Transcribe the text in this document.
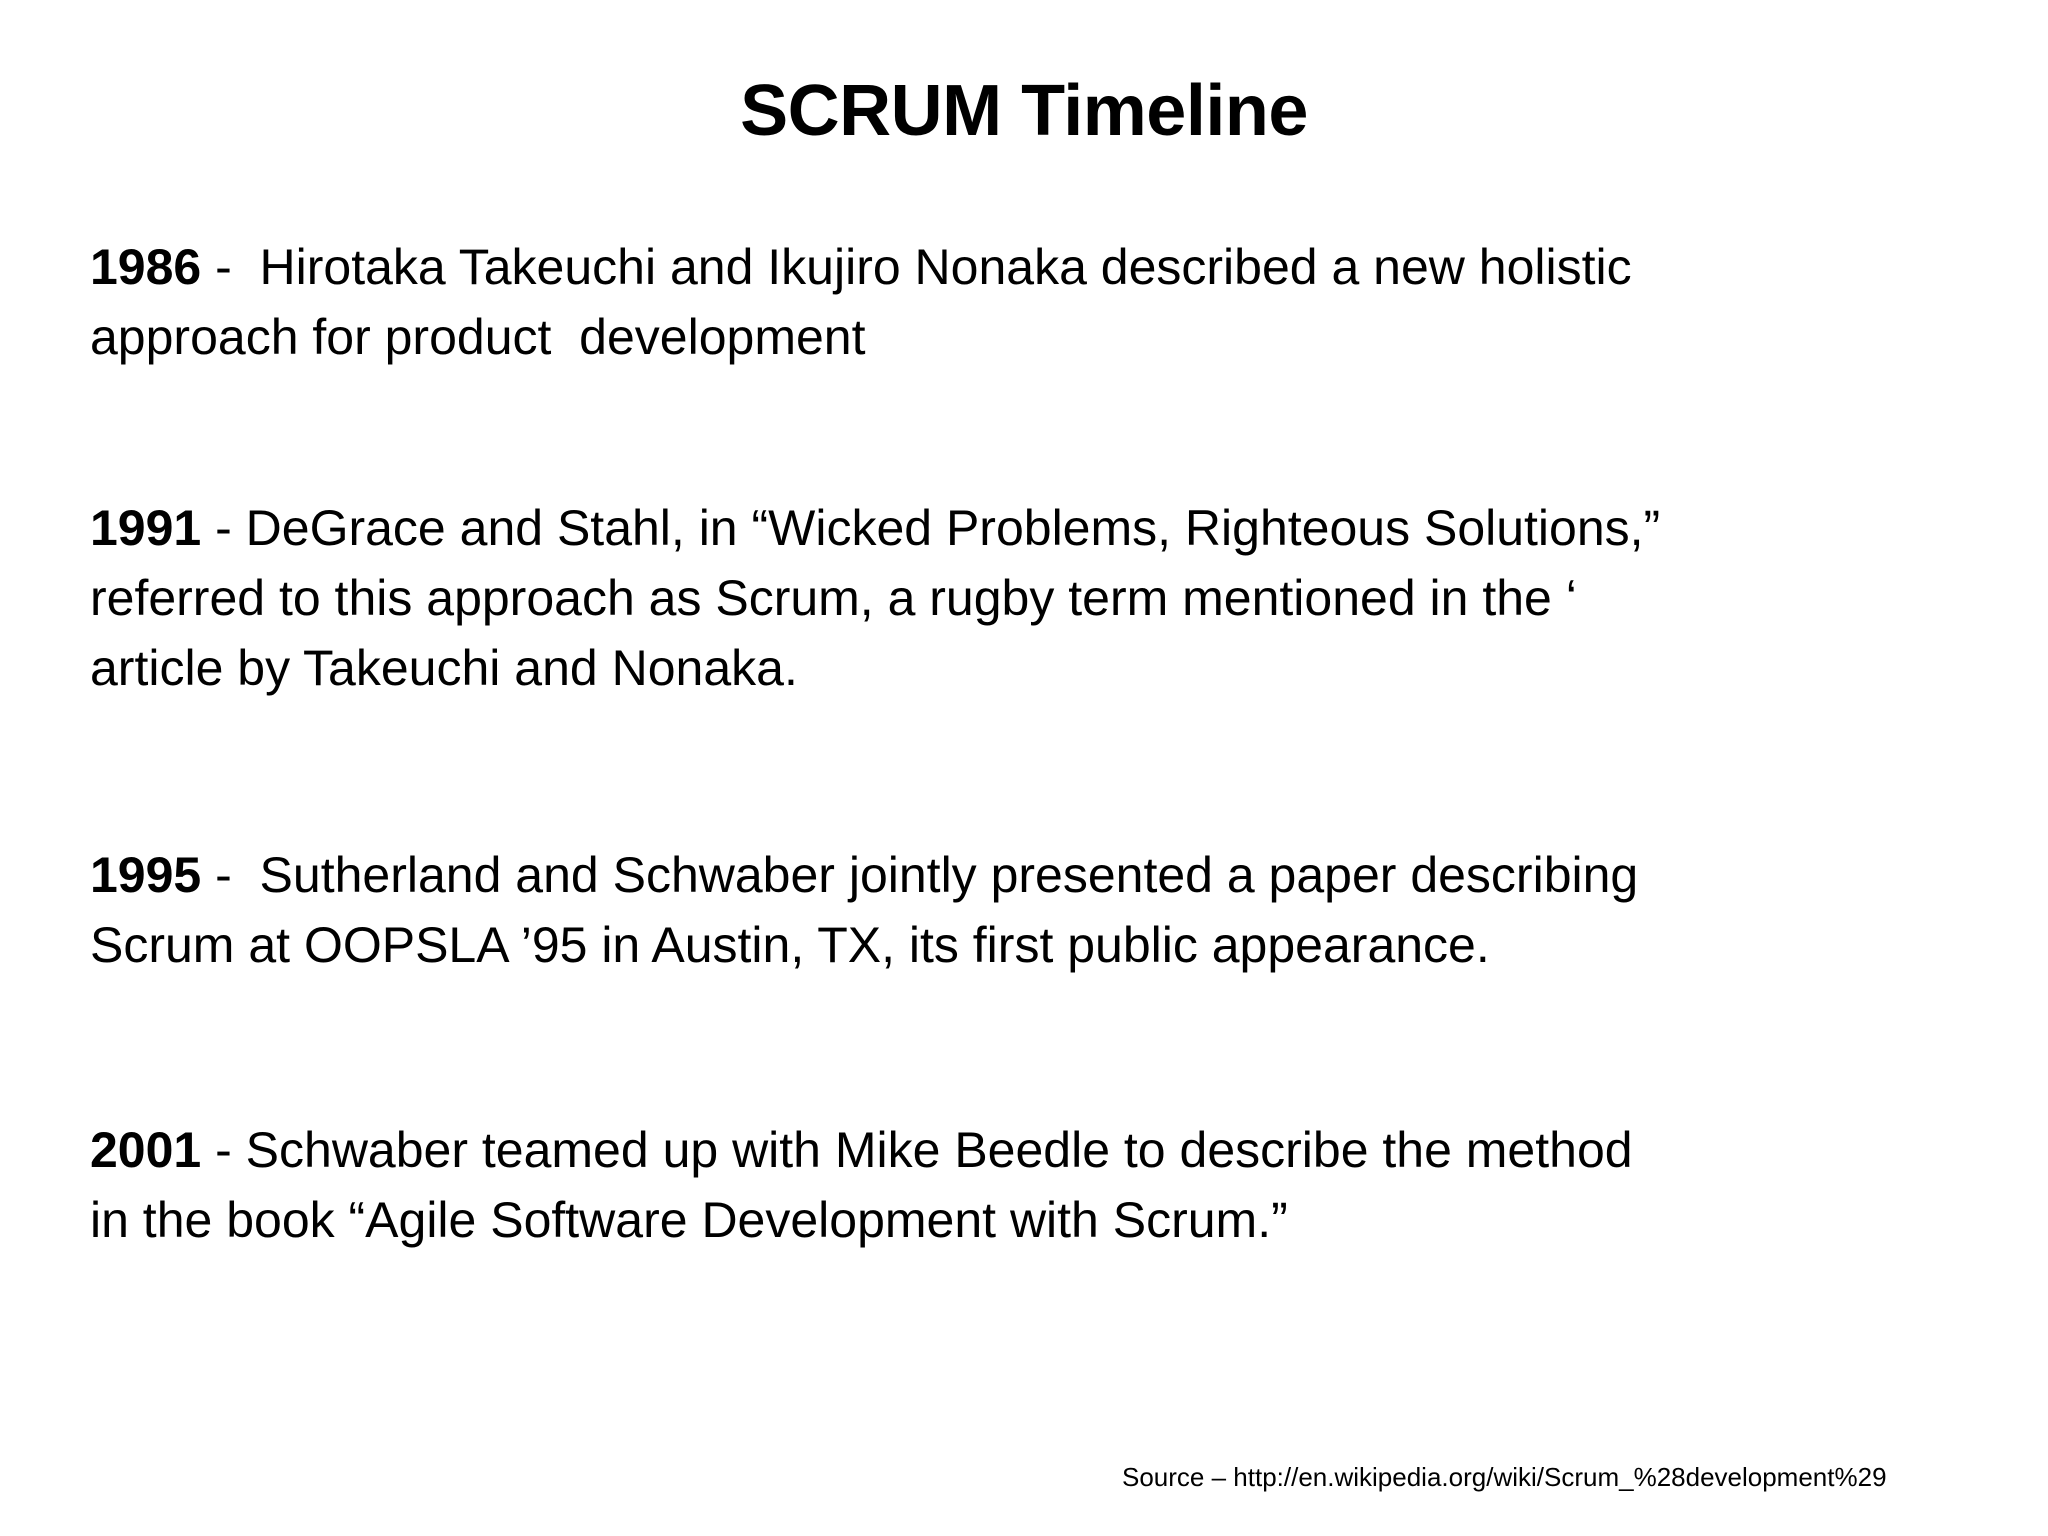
SCRUM Timeline
1986 -  Hirotaka Takeuchi and Ikujiro Nonaka described a new holistic
approach for product  development
1991 - DeGrace and Stahl, in “Wicked Problems, Righteous Solutions,”
referred to this approach as Scrum, a rugby term mentioned in the ‘
article by Takeuchi and Nonaka.
1995 -  Sutherland and Schwaber jointly presented a paper describing
Scrum at OOPSLA ’95 in Austin, TX, its first public appearance.
2001 - Schwaber teamed up with Mike Beedle to describe the method
in the book “Agile Software Development with Scrum.”
Source – http://en.wikipedia.org/wiki/Scrum_%28development%29
